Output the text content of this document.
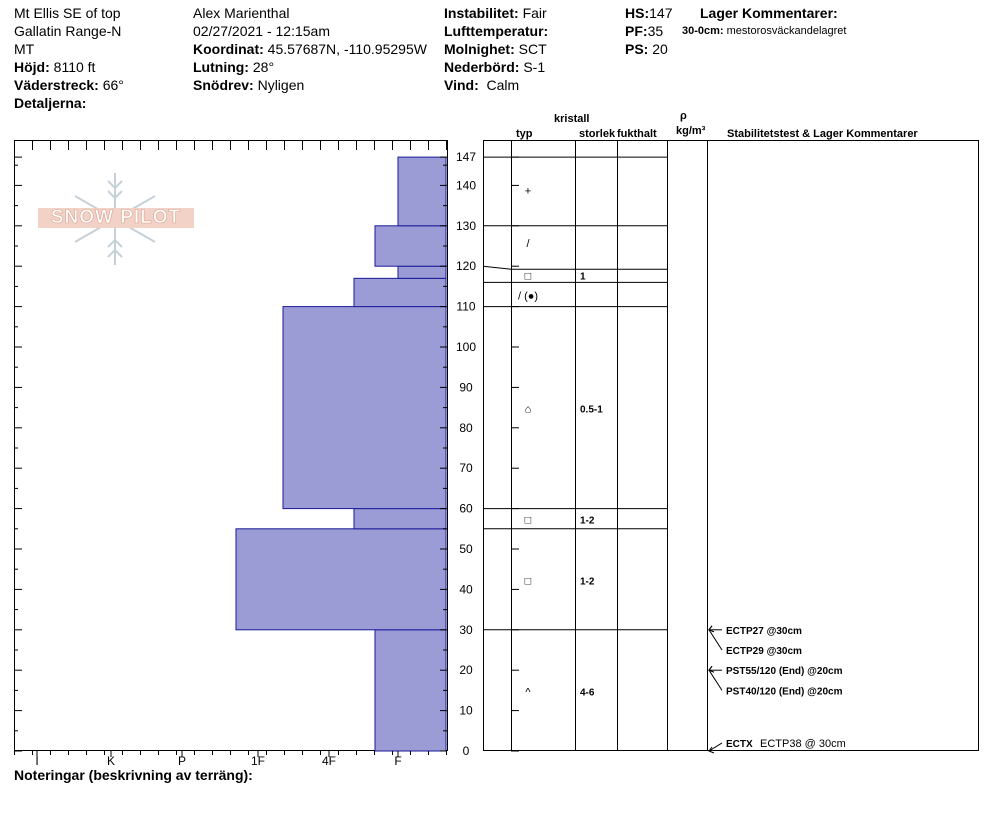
Mt Ellis SE of top
Gallatin Range-N
MT
Höjd: 8110 ft
Väderstreck: 66°
Detaljerna:
Alex Marienthal
02/27/2021 - 12:15am
Koordinat: 45.57687N, -110.95295W
Lutning: 28°
Snödrev: Nyligen
Instabilitet: Fair
Lufttemperatur:
Molnighet: SCT
Nederbörd: S-1
Vind: Calm
HS:147
PF:35
PS: 20
Lager Kommentarer:
30-0cm: mestorosväckandelagret
kristall
typ	storlek fukthalt
ρ
kg/m³ Stabilitetstest & Lager Kommentarer
SNOW PILOT
I	K	P	1F	4F	F
0
10
20
30
40
50
60
70
80
90
100
110
120
130
140
147
+
/
□	1
/ (●)
⌂	0.5-1
□	1-2
□	1-2
^	4-6
ECTP27 @30cm
ECTP29 @30cm
PST55/120 (End) @20cm
PST40/120 (End) @20cm
ECTX ECTP38 @ 30cm
Noteringar (beskrivning av terräng):
